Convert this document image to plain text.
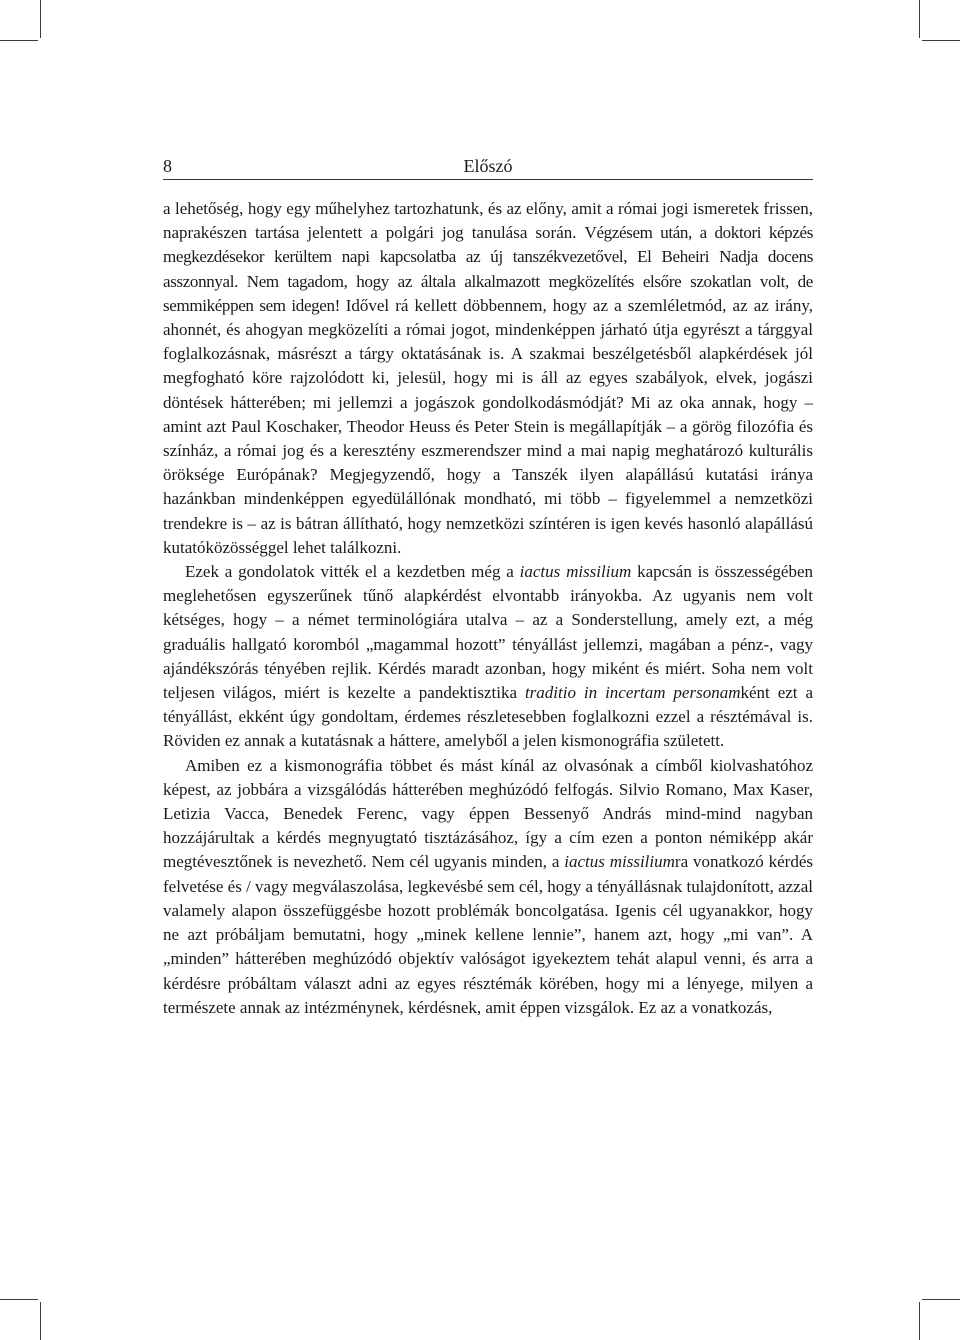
8	Előszó

a lehetőség, hogy egy műhelyhez tartozhatunk, és az előny, amit a római jogi ismeretek frissen, naprakészen tartása jelentett a polgári jog tanulása során. Végzésem után, a doktori képzés megkezdésekor kerültem napi kapcsolatba az új tanszékvezetővel, El Beheiri Nadja docens asszonnyal. Nem tagadom, hogy az általa alkalmazott megközelítés elsőre szokatlan volt, de semmiképpen sem idegen! Idővel rá kellett döbbennem, hogy az a szemléletmód, az az irány, ahonnét, és ahogyan megközelíti a római jogot, mindenképpen járható útja egyrészt a tárggyal foglalkozásnak, másrészt a tárgy oktatásának is. A szakmai beszélgetésből alapkérdések jól megfogható köre rajzolódott ki, jelesül, hogy mi is áll az egyes szabályok, elvek, jogászi döntések hátterében; mi jellemzi a jogászok gondolkodásmódját? Mi az oka annak, hogy – amint azt Paul Koschaker, Theodor Heuss és Peter Stein is megállapítják – a görög filozófia és színház, a római jog és a keresztény eszmerendszer mind a mai napig meghatározó kulturális öröksége Európának? Megjegyzendő, hogy a Tanszék ilyen alapállású kutatási iránya hazánkban mindenképpen egyedülállónak mondható, mi több – figyelemmel a nemzetközi trendekre is – az is bátran állítható, hogy nemzetközi színtéren is igen kevés hasonló alapállású kutatóközösséggel lehet találkozni.

Ezek a gondolatok vitték el a kezdetben még a iactus missilium kapcsán is összességében meglehetősen egyszerűnek tűnő alapkérdést elvontabb irányokba. Az ugyanis nem volt kétséges, hogy – a német terminológiára utalva – az a Sonderstellung, amely ezt, a még graduális hallgató koromból „magammal hozott” tényállást jellemzi, magában a pénz-, vagy ajándékszórás tényében rejlik. Kérdés maradt azonban, hogy miként és miért. Soha nem volt teljesen világos, miért is kezelte a pandektisztika traditio in incertam personamként ezt a tényállást, ekként úgy gondoltam, érdemes részletesebben foglalkozni ezzel a résztémával is. Röviden ez annak a kutatásnak a háttere, amelyből a jelen kismonográfia született.

Amiben ez a kismonográfia többet és mást kínál az olvasónak a címből kiolvashatóhoz képest, az jobbára a vizsgálódás hátterében meghúzódó felfogás. Silvio Romano, Max Kaser, Letizia Vacca, Benedek Ferenc, vagy éppen Bessenyő András mind-mind nagyban hozzájárultak a kérdés megnyugtató tisztázásához, így a cím ezen a ponton némiképp akár megtévesztőnek is nevezhető. Nem cél ugyanis minden, a iactus missiliumra vonatkozó kérdés felvetése és / vagy megválaszolása, legkevésbé sem cél, hogy a tényállásnak tulajdonított, azzal valamely alapon összefüggésbe hozott problémák boncolgatása. Igenis cél ugyanakkor, hogy ne azt próbáljam bemutatni, hogy „minek kellene lennie”, hanem azt, hogy „mi van”. A „minden” hátterében meghúzódó objektív valóságot igyekeztem tehát alapul venni, és arra a kérdésre próbáltam választ adni az egyes résztémák körében, hogy mi a lényege, milyen a természete annak az intézménynek, kérdésnek, amit éppen vizsgálok. Ez az a vonatkozás,
